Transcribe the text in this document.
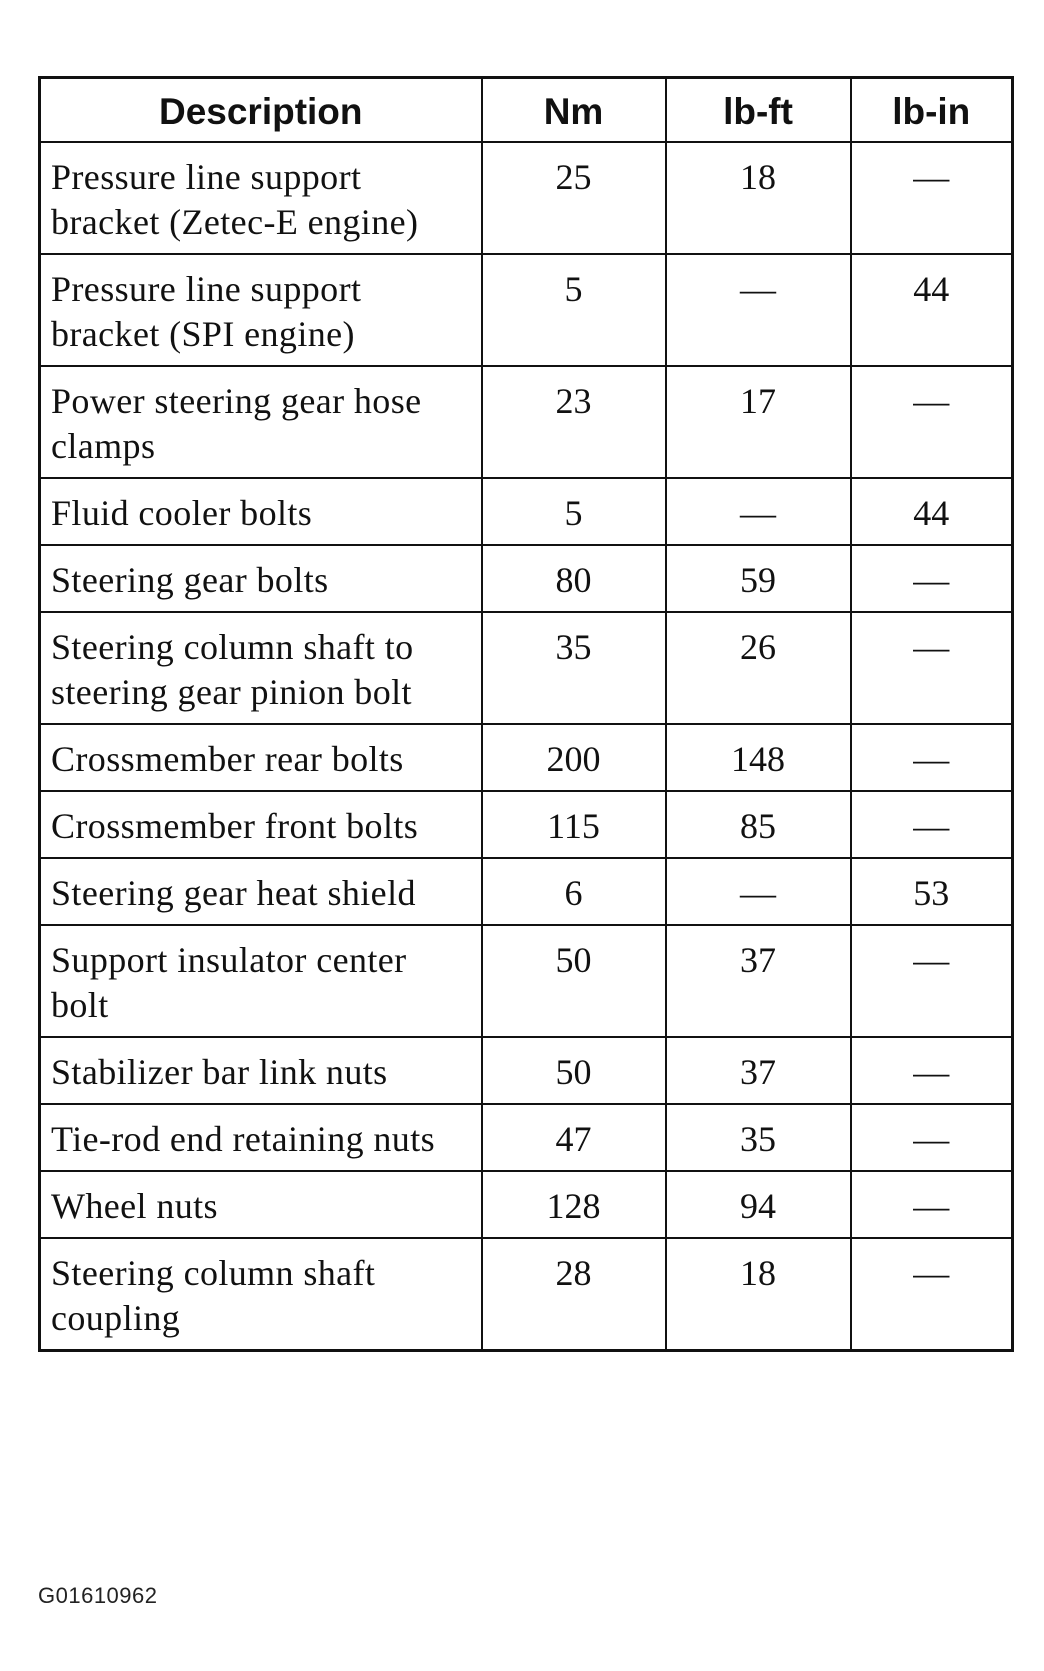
Description	Nm	lb-ft	lb-in
Pressure line support bracket (Zetec-E engine)	25	18	—
Pressure line support bracket (SPI engine)	5	—	44
Power steering gear hose clamps	23	17	—
Fluid cooler bolts	5	—	44
Steering gear bolts	80	59	—
Steering column shaft to steering gear pinion bolt	35	26	—
Crossmember rear bolts	200	148	—
Crossmember front bolts	115	85	—
Steering gear heat shield	6	—	53
Support insulator center bolt	50	37	—
Stabilizer bar link nuts	50	37	—
Tie-rod end retaining nuts	47	35	—
Wheel nuts	128	94	—
Steering column shaft coupling	28	18	—
G01610962
